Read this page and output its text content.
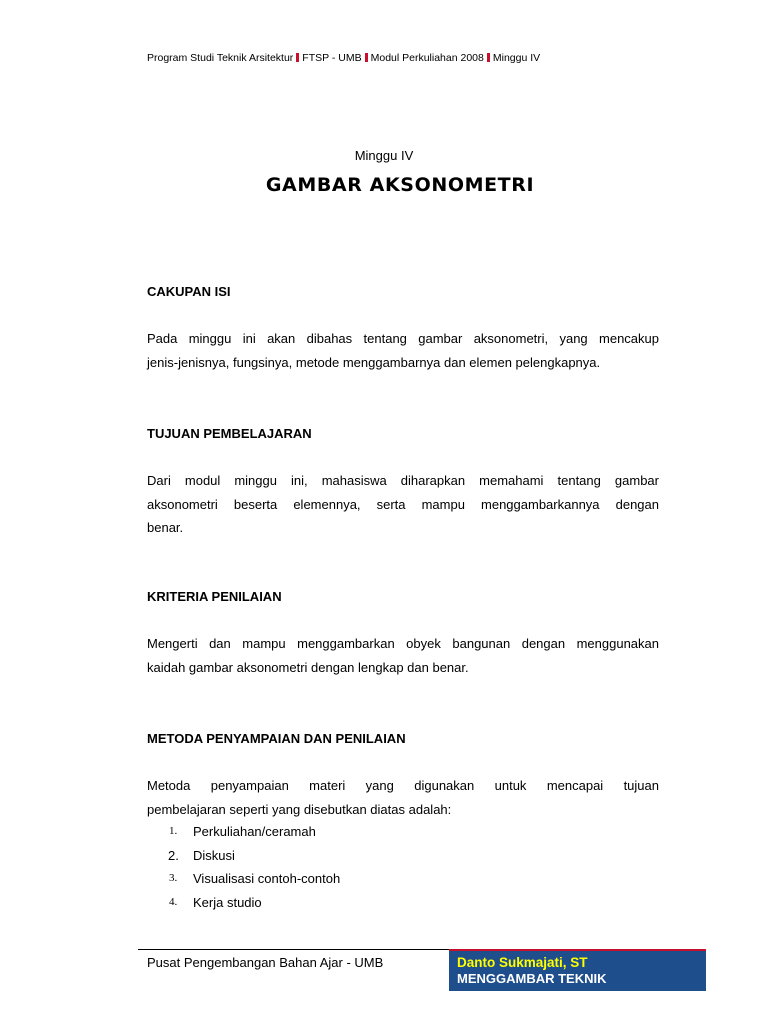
Program Studi Teknik Arsitektur FTSP - UMB Modul Perkuliahan 2008 Minggu IV
Minggu IV
GAMBAR AKSONOMETRI
CAKUPAN ISI
Pada minggu ini akan dibahas tentang gambar aksonometri, yang mencakup
jenis-jenisnya, fungsinya, metode menggambarnya dan elemen pelengkapnya.
TUJUAN PEMBELAJARAN
Dari modul minggu ini, mahasiswa diharapkan memahami tentang gambar
aksonometri beserta elemennya, serta mampu menggambarkannya dengan
benar.
KRITERIA PENILAIAN
Mengerti dan mampu menggambarkan obyek bangunan dengan menggunakan
kaidah gambar aksonometri dengan lengkap dan benar.
METODA PENYAMPAIAN DAN PENILAIAN
Metoda penyampaian materi yang digunakan untuk mencapai tujuan
pembelajaran seperti yang disebutkan diatas adalah:
1. Perkuliahan/ceramah
2. Diskusi
3. Visualisasi contoh-contoh
4. Kerja studio
Pusat Pengembangan Bahan Ajar - UMB	Danto Sukmajati, ST
MENGGAMBAR TEKNIK
